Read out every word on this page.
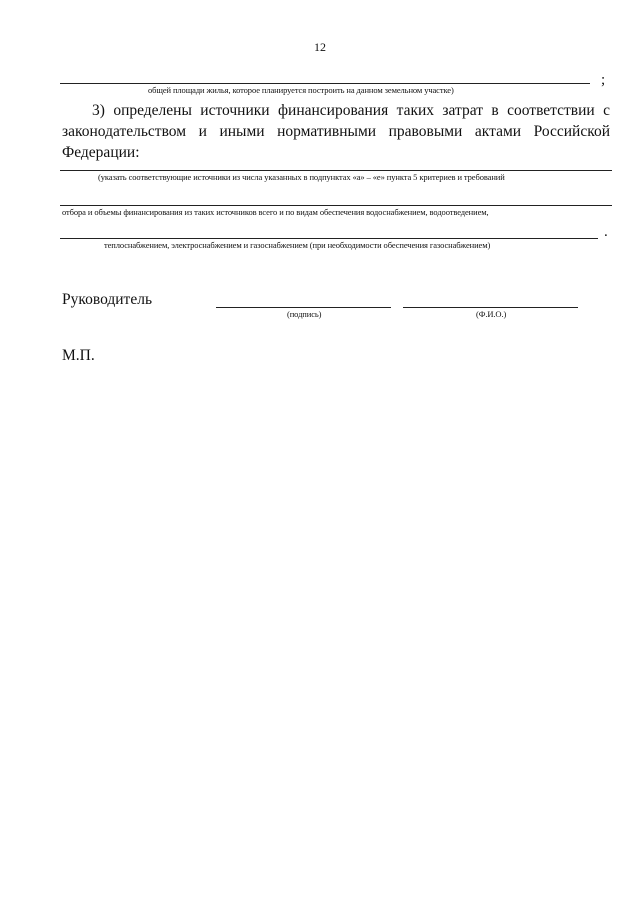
12
общей площади жилья, которое планируется построить на данном земельном участке)
;
3) определены источники финансирования таких затрат в соответствии с законодательством и иными нормативными правовыми актами Российской Федерации:
(указать соответствующие источники из числа указанных в подпунктах «а» – «е» пункта 5 критериев и требований
отбора и объемы финансирования из таких источников всего и по видам обеспечения водоснабжением, водоотведением,
теплоснабжением, электроснабжением и газоснабжением (при необходимости обеспечения газоснабжением)
.
Руководитель
(подпись)	(Ф.И.О.)
М.П.
